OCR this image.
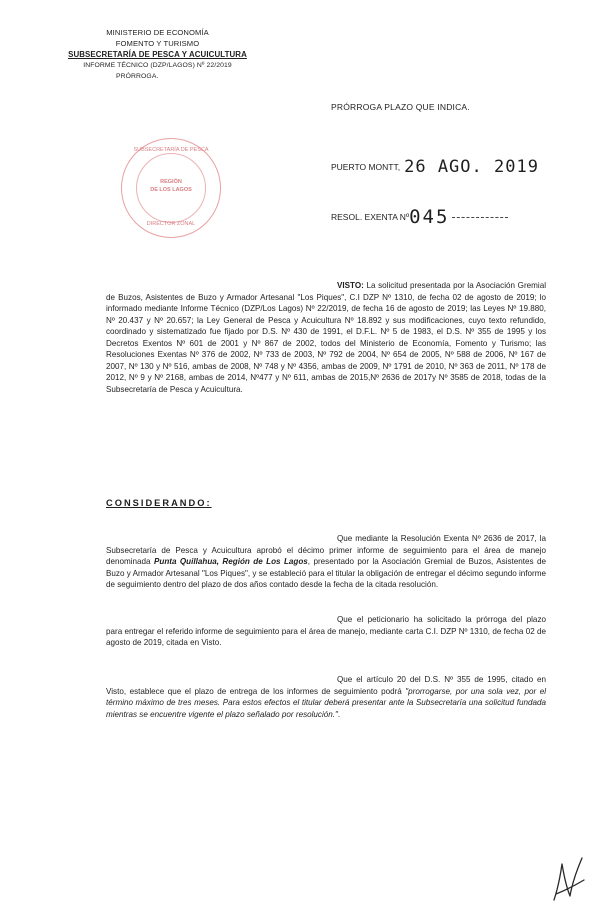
MINISTERIO DE ECONOMÍA
FOMENTO Y TURISMO
SUBSECRETARÍA DE PESCA Y ACUICULTURA
INFORME TÉCNICO (DZP/LAGOS) Nº 22/2019
PRÓRROGA.
PRÓRROGA PLAZO QUE INDICA.
SUBSECRETARÍA DE PESCA
REGIÓN
DE LOS LAGOS
DIRECTOR ZONAL
PUERTO MONTT, 26 AGO. 2019
RESOL. EXENTA Nº045
VISTO: La solicitud presentada por la Asociación Gremial de Buzos, Asistentes de Buzo y Armador Artesanal "Los Piques", C.I DZP Nº 1310, de fecha 02 de agosto de 2019; lo informado mediante Informe Técnico (DZP/Los Lagos) Nº 22/2019, de fecha 16 de agosto de 2019; las Leyes Nº 19.880, Nº 20.437 y Nº 20.657; la Ley General de Pesca y Acuicultura Nº 18.892 y sus modificaciones, cuyo texto refundido, coordinado y sistematizado fue fijado por D.S. Nº 430 de 1991, el D.F.L. Nº 5 de 1983, el D.S. Nº 355 de 1995 y los Decretos Exentos Nº 601 de 2001 y Nº 867 de 2002, todos del Ministerio de Economía, Fomento y Turismo; las Resoluciones Exentas Nº 376 de 2002, Nº 733 de 2003, Nº 792 de 2004, Nº 654 de 2005, Nº 588 de 2006, Nº 167 de 2007, Nº 130 y Nº 516, ambas de 2008, Nº 748 y Nº 4356, ambas de 2009, Nº 1791 de 2010, Nº 363 de 2011, Nº 178 de 2012, Nº 9 y Nº 2168, ambas de 2014, Nº477 y Nº 611, ambas de 2015,Nº 2636 de 2017y Nº 3585 de 2018, todas de la Subsecretaría de Pesca y Acuicultura.
CONSIDERANDO:
Que mediante la Resolución Exenta Nº 2636 de 2017, la Subsecretaría de Pesca y Acuicultura aprobó el décimo primer informe de seguimiento para el área de manejo denominada Punta Quillahua, Región de Los Lagos, presentado por la Asociación Gremial de Buzos, Asistentes de Buzo y Armador Artesanal "Los Piques", y se estableció para el titular la obligación de entregar el décimo segundo informe de seguimiento dentro del plazo de dos años contado desde la fecha de la citada resolución.
Que el peticionario ha solicitado la prórroga del plazo para entregar el referido informe de seguimiento para el área de manejo, mediante carta C.I. DZP Nº 1310, de fecha 02 de agosto de 2019, citada en Visto.
Que el artículo 20 del D.S. Nº 355 de 1995, citado en Visto, establece que el plazo de entrega de los informes de seguimiento podrá "prorrogarse, por una sola vez, por el término máximo de tres meses. Para estos efectos el titular deberá presentar ante la Subsecretaría una solicitud fundada mientras se encuentre vigente el plazo señalado por resolución.".
